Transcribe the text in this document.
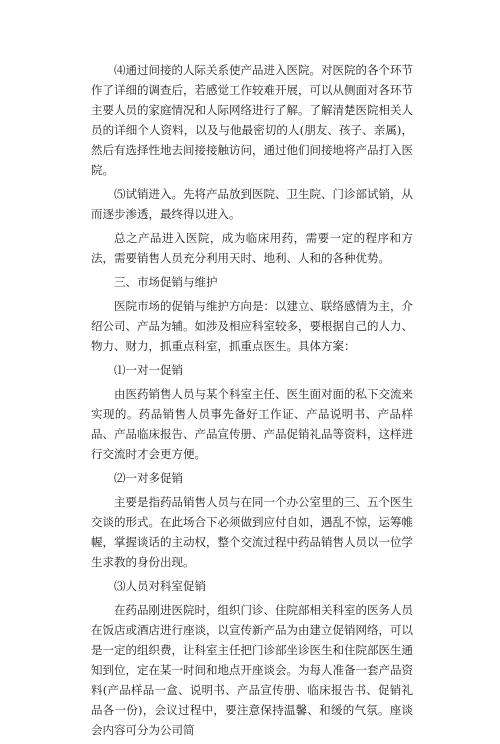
⑷通过间接的人际关系使产品进入医院。对医院的各个环节作了详细的调查后，若感觉工作较难开展，可以从侧面对各环节主要人员的家庭情况和人际网络进行了解。了解清楚医院相关人员的详细个人资料，以及与他最密切的人(朋友、孩子、亲属)，然后有选择性地去间接接触访问，通过他们间接地将产品打入医院。

⑸试销进入。先将产品放到医院、卫生院、门诊部试销，从而逐步渗透，最终得以进入。

总之产品进入医院，成为临床用药，需要一定的程序和方法，需要销售人员充分利用天时、地利、人和的各种优势。

三、市场促销与维护

医院市场的促销与维护方向是：以建立、联络感情为主，介绍公司、产品为辅。如涉及相应科室较多，要根据自己的人力、物力、财力，抓重点科室，抓重点医生。具体方案：

⑴一对一促销

由医药销售人员与某个科室主任、医生面对面的私下交流来实现的。药品销售人员事先备好工作证、产品说明书、产品样品、产品临床报告、产品宣传册、产品促销礼品等资料，这样进行交流时才会更方便。

⑵一对多促销

主要是指药品销售人员与在同一个办公室里的三、五个医生交谈的形式。在此场合下必须做到应付自如，遇乱不惊，运筹帷幄，掌握谈话的主动权，整个交流过程中药品销售人员以一位学生求教的身份出现。

⑶人员对科室促销

在药品刚进医院时，组织门诊、住院部相关科室的医务人员在饭店或酒店进行座谈，以宣传新产品为由建立促销网络，可以是一定的组织费，让科室主任把门诊部坐诊医生和住院部医生通知到位，定在某一时间和地点开座谈会。为每人准备一套产品资料(产品样品一盒、说明书、产品宣传册、临床报告书、促销礼品各一份)，会议过程中，要注意保持温馨、和缓的气氛。座谈会内容可分为公司简
